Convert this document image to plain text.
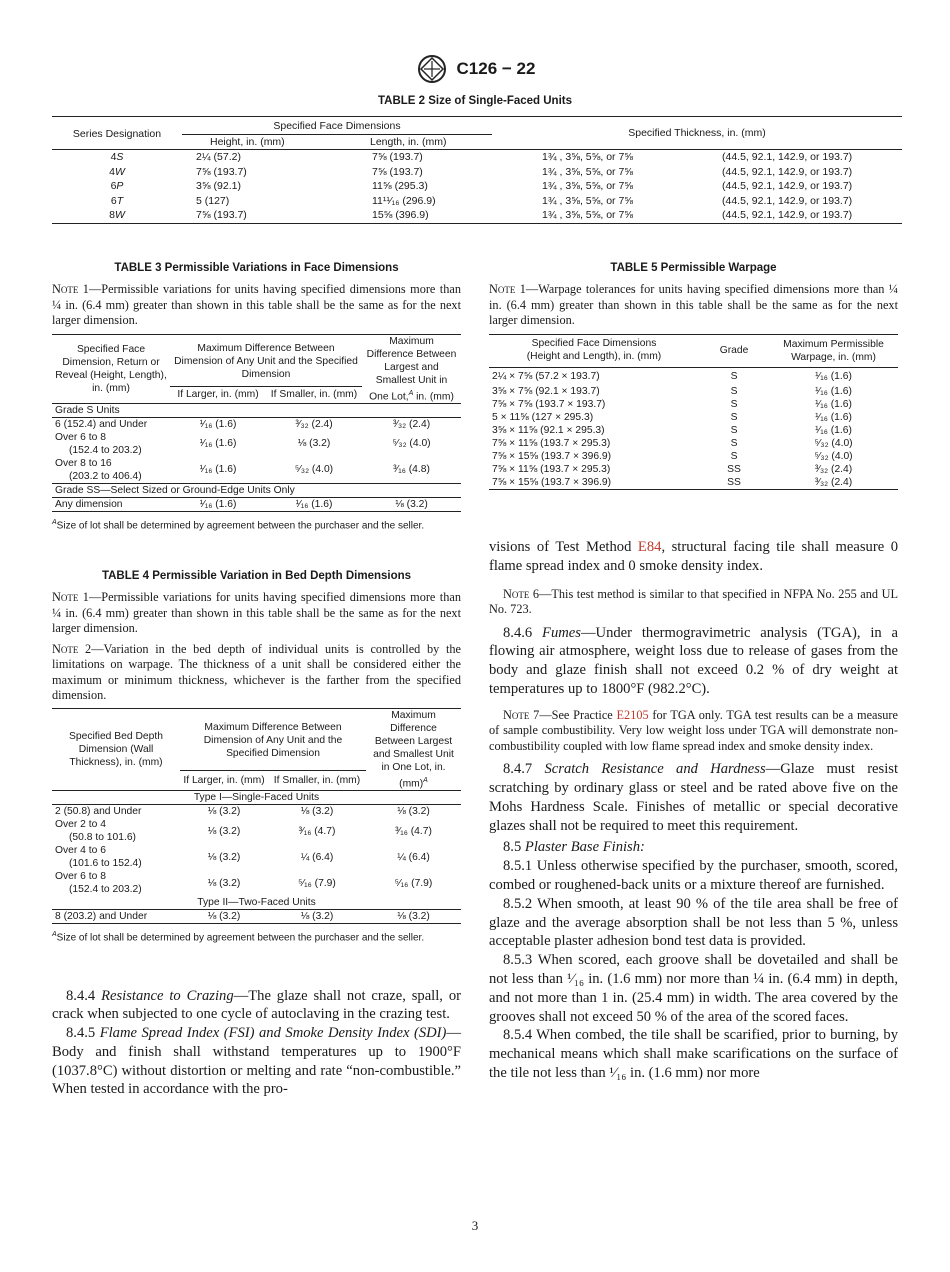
C126 − 22
TABLE 2 Size of Single-Faced Units
Series Designation	Specified Face Dimensions		Specified Thickness, in. (mm)	
	Height, in. (mm)	Length, in. (mm)		
4S	2¼ (57.2)	7⅝ (193.7)	1¾ , 3⅝, 5⅝, or 7⅝	(44.5, 92.1, 142.9, or 193.7)
4W	7⅝ (193.7)	7⅝ (193.7)	1¾ , 3⅝, 5⅝, or 7⅝	(44.5, 92.1, 142.9, or 193.7)
6P	3⅝ (92.1)	11⅝ (295.3)	1¾ , 3⅝, 5⅝, or 7⅝	(44.5, 92.1, 142.9, or 193.7)
6T	5 (127)	11¹¹⁄₁₆ (296.9)	1¾ , 3⅝, 5⅝, or 7⅝	(44.5, 92.1, 142.9, or 193.7)
8W	7⅝ (193.7)	15⅝ (396.9)	1¾ , 3⅝, 5⅝, or 7⅝	(44.5, 92.1, 142.9, or 193.7)
TABLE 3 Permissible Variations in Face Dimensions
Note 1—Permissible variations for units having specified dimensions more than ¼ in. (6.4 mm) greater than shown in this table shall be the same as for the next larger dimension.
Specified Face Dimension, Return or Reveal (Height, Length), in. (mm)	Maximum Difference Between Dimension of Any Unit and the Specified Dimension		Maximum Difference Between Largest and Smallest Unit in One Lot,$^A$ in. (mm)
	If Larger, in. (mm)	If Smaller, in. (mm)	
Grade S Units			

6 (152.4) and Under	¹⁄₁₆ (1.6)	³⁄₃₂ (2.4)	³⁄₃₂ (2.4)

Over 6 to 8
(152.4 to 203.2)	¹⁄₁₆ (1.6)	⅛ (3.2)	⁵⁄₃₂ (4.0)

Over 8 to 16
(203.2 to 406.4)	¹⁄₁₆ (1.6)	⁵⁄₃₂ (4.0)	³⁄₁₆ (4.8)
Grade SS—Select Sized or Ground-Edge Units Only			
Any dimension	¹⁄₁₆ (1.6)	¹⁄₁₆ (1.6)	⅛ (3.2)
$^A$Size of lot shall be determined by agreement between the purchaser and the seller.
TABLE 4 Permissible Variation in Bed Depth Dimensions
Note 1—Permissible variations for units having specified dimensions more than ¼ in. (6.4 mm) greater than shown in this table shall be the same as for the next larger dimension.
Note 2—Variation in the bed depth of individual units is controlled by the limitations on warpage. The thickness of a unit shall be considered either the maximum or minimum thickness, whichever is the farther from the specified dimension.
Specified Bed Depth Dimension (Wall Thickness), in. (mm)	Maximum Difference Between Dimension of Any Unit and the Specified Dimension		Maximum Difference Between Largest and Smallest Unit in One Lot, in. (mm)$^A$
	If Larger, in. (mm)	If Smaller, in. (mm)	
Type I—Single-Faced Units			

2 (50.8) and Under	⅛ (3.2)	⅛ (3.2)	⅛ (3.2)

Over 2 to 4
(50.8 to 101.6)	⅛ (3.2)	³⁄₁₆ (4.7)	³⁄₁₆ (4.7)

Over 4 to 6
(101.6 to 152.4)	⅛ (3.2)	¼ (6.4)	¼ (6.4)

Over 6 to 8
(152.4 to 203.2)	⅛ (3.2)	⁵⁄₁₆ (7.9)	⁵⁄₁₆ (7.9)
Type II—Two-Faced Units			
8 (203.2) and Under	⅛ (3.2)	⅛ (3.2)	⅛ (3.2)
$^A$Size of lot shall be determined by agreement between the purchaser and the seller.

8.4.4 Resistance to Crazing—The glaze shall not craze, spall, or crack when subjected to one cycle of autoclaving in the crazing test.

8.4.5 Flame Spread Index (FSI) and Smoke Density Index (SDI)—Body and finish shall withstand temperatures up to 1900°F (1037.8°C) without distortion or melting and rate “non-combustible.” When tested in accordance with the pro-

TABLE 5 Permissible Warpage
Note 1—Warpage tolerances for units having specified dimensions more than ¼ in. (6.4 mm) greater than shown in this table shall be the same as for the next larger dimension.
Specified Face Dimensions (Height and Length), in. (mm)	Grade	Maximum Permissible Warpage, in. (mm)
2¼ × 7⅝ (57.2 × 193.7)	S	¹⁄₁₆ (1.6)
3⅝ × 7⅝ (92.1 × 193.7)	S	¹⁄₁₆ (1.6)
7⅝ × 7⅝ (193.7 × 193.7)	S	¹⁄₁₆ (1.6)
5 × 11⅝ (127 × 295.3)	S	¹⁄₁₆ (1.6)
3⅝ × 11⅝ (92.1 × 295.3)	S	¹⁄₁₆ (1.6)
7⅝ × 11⅝ (193.7 × 295.3)	S	⁵⁄₃₂ (4.0)
7⅝ × 15⅝ (193.7 × 396.9)	S	⁵⁄₃₂ (4.0)
7⅝ × 11⅝ (193.7 × 295.3)	SS	³⁄₃₂ (2.4)
7⅝ × 15⅝ (193.7 × 396.9)	SS	³⁄₃₂ (2.4)

visions of Test Method E84, structural facing tile shall measure 0 flame spread index and 0 smoke density index.

Note 6—This test method is similar to that specified in NFPA No. 255 and UL No. 723.

8.4.6 Fumes—Under thermogravimetric analysis (TGA), in a flowing air atmosphere, weight loss due to release of gases from the body and glaze finish shall not exceed 0.2 % of dry weight at temperatures up to 1800°F (982.2°C).

Note 7—See Practice E2105 for TGA only. TGA test results can be a measure of sample combustibility. Very low weight loss under TGA will demonstrate non-combustibility coupled with low flame spread index and smoke density index.

8.4.7 Scratch Resistance and Hardness—Glaze must resist scratching by ordinary glass or steel and be rated above five on the Mohs Hardness Scale. Finishes of metallic or special decorative glazes shall not be required to meet this requirement.

8.5 Plaster Base Finish:

8.5.1 Unless otherwise specified by the purchaser, smooth, scored, combed or roughened-back units or a mixture thereof are furnished.

8.5.2 When smooth, at least 90 % of the tile area shall be free of glaze and the average absorption shall be not less than 5 %, unless acceptable plaster adhesion bond test data is provided.

8.5.3 When scored, each groove shall be dovetailed and shall be not less than ¹⁄₁₆ in. (1.6 mm) nor more than ¼ in. (6.4 mm) in depth, and not more than 1 in. (25.4 mm) in width. The area covered by the grooves shall not exceed 50 % of the area of the scored faces.

8.5.4 When combed, the tile shall be scarified, prior to burning, by mechanical means which shall make scarifications on the surface of the tile not less than ¹⁄₁₆ in. (1.6 mm) nor more

3
